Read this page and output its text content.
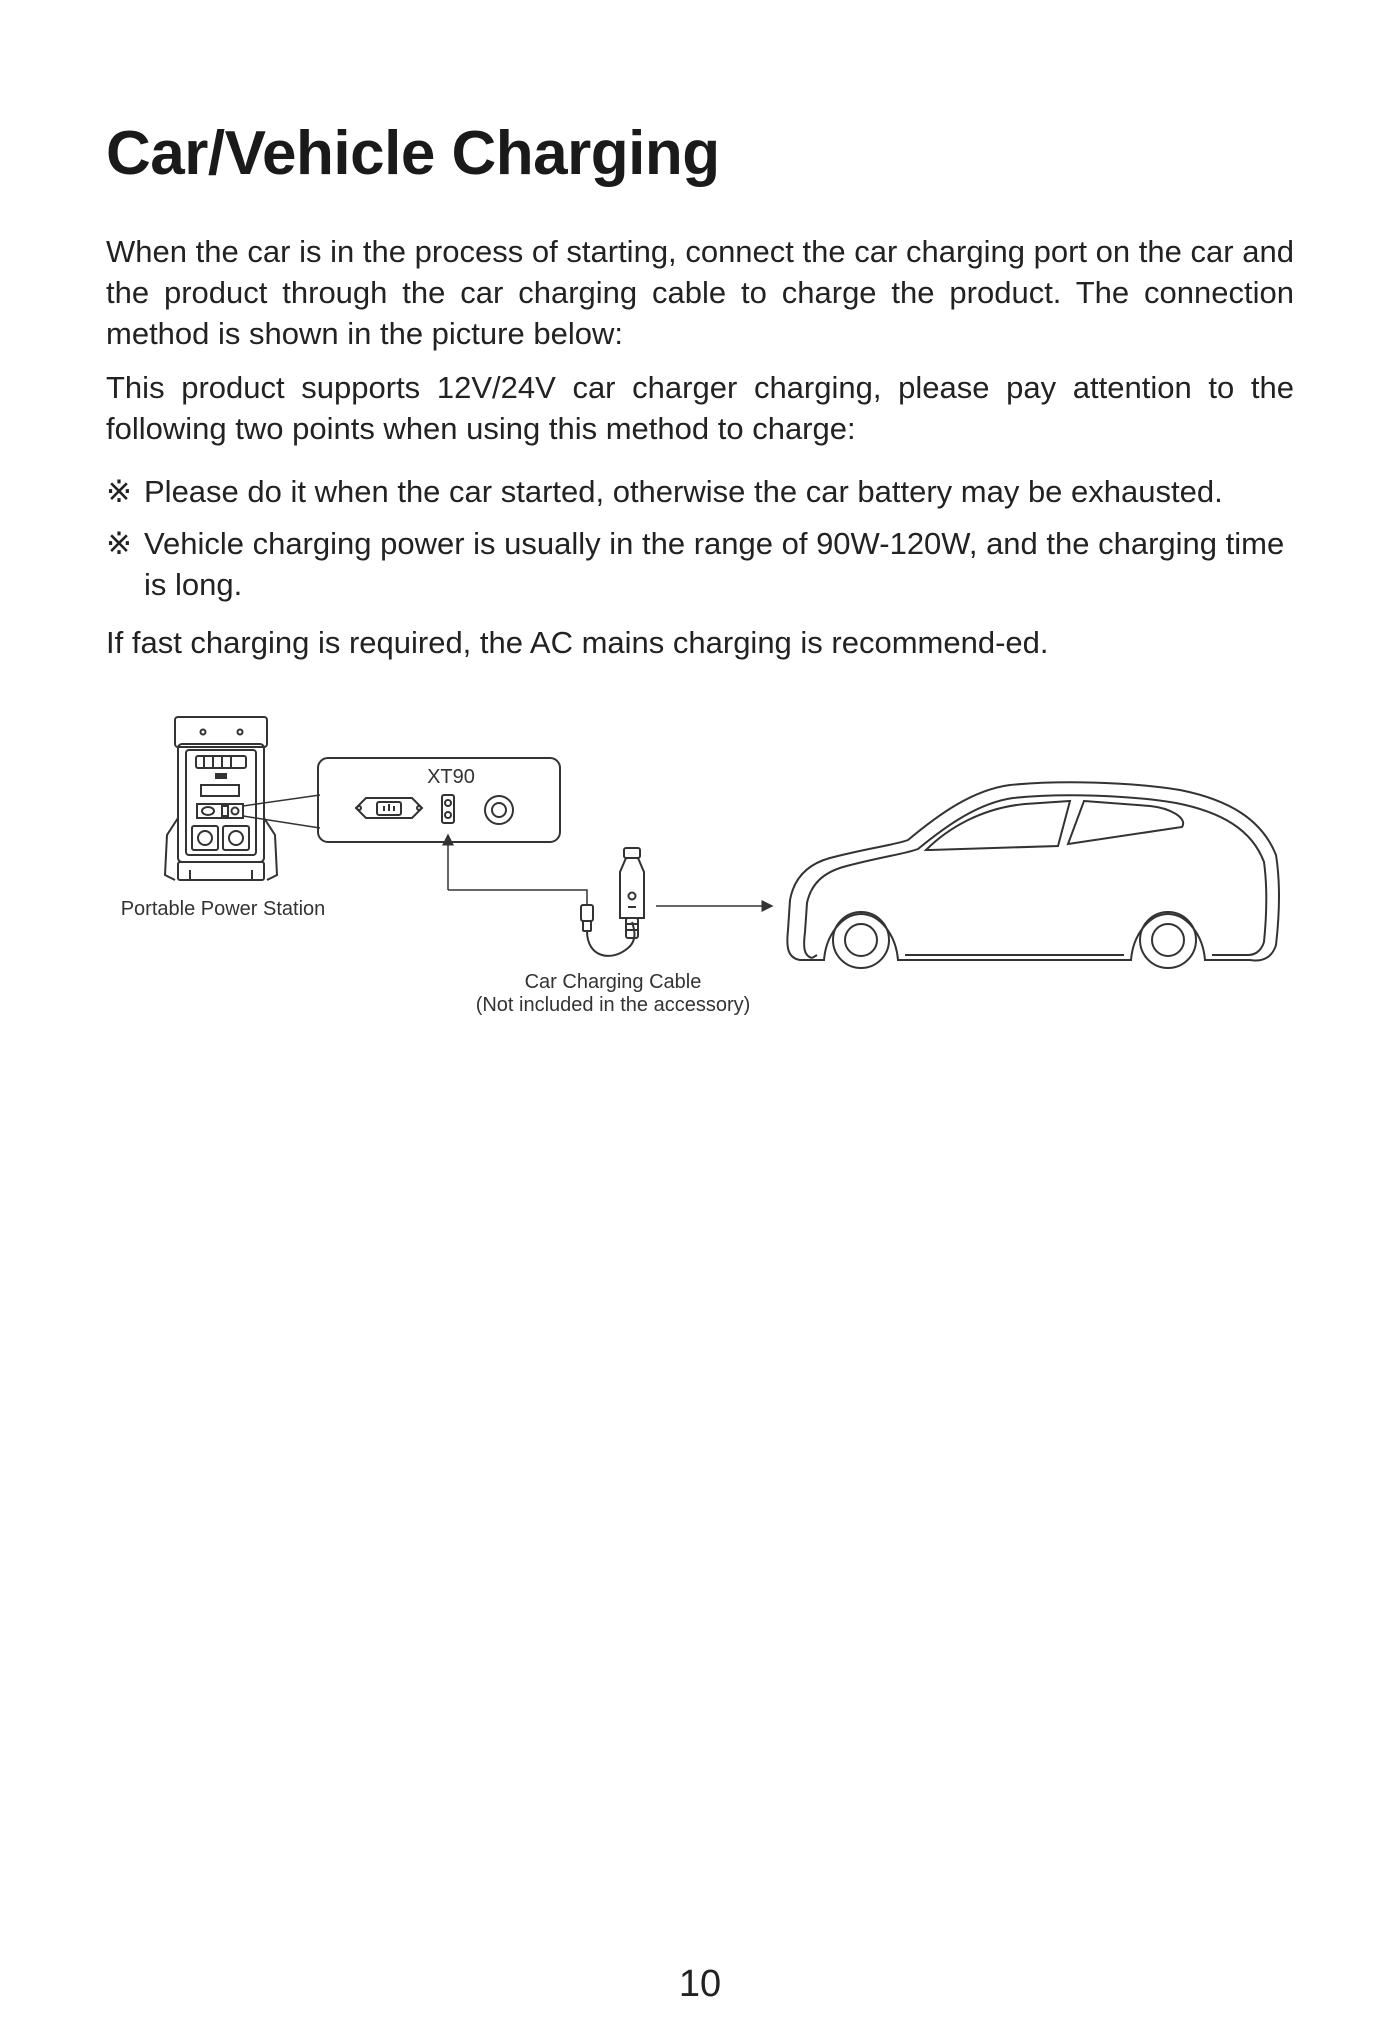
Car/Vehicle Charging

When the car is in the process of starting, connect the car charging port on the car and the product through the car charging cable to charge the product. The connection method is shown in the picture below:

This product supports 12V/24V car charger charging, please pay attention to the following two points when using this method to charge:

※ Please do it when the car started, otherwise the car battery may be exhausted.
※ Vehicle charging power is usually in the range of 90W-120W, and the charging time is long.

If fast charging is required, the AC mains charging is recommend-ed.

XT90
Portable Power Station
Car Charging Cable
(Not included in the accessory)
10
